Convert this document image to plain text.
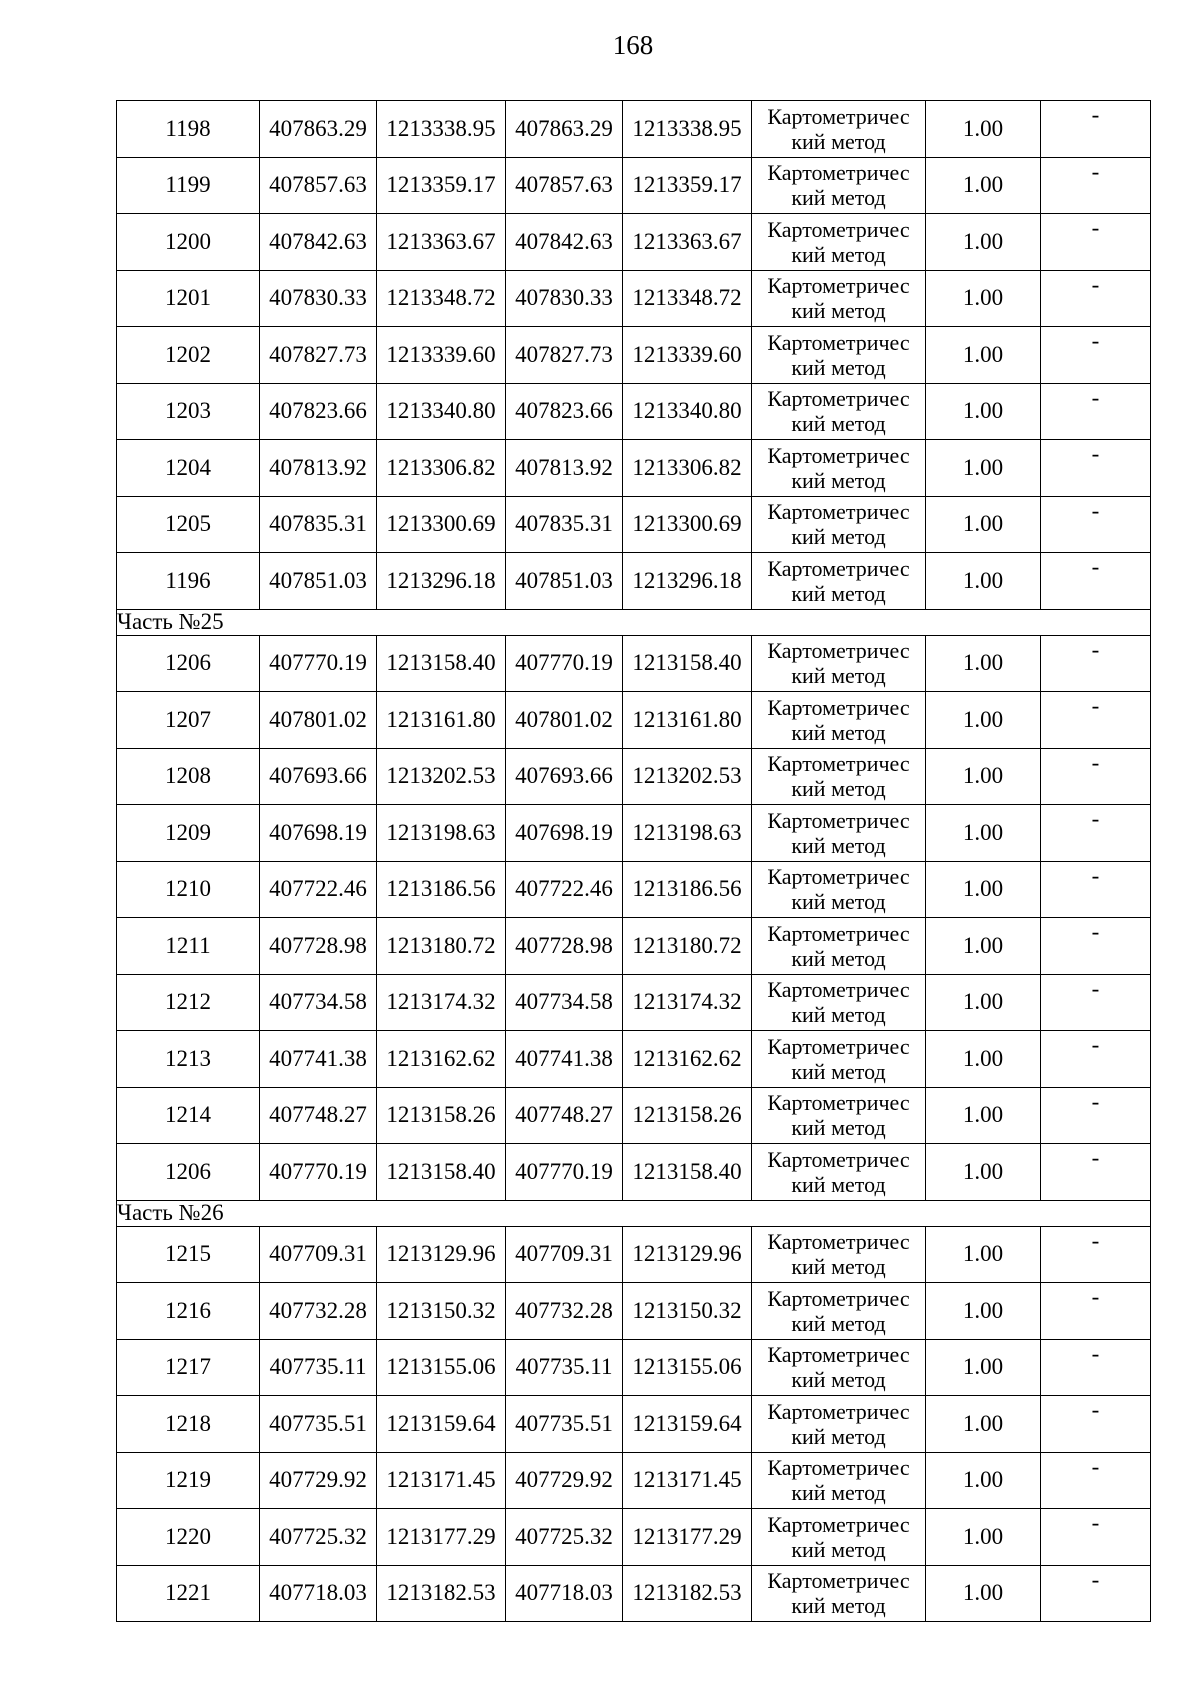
168
1198	407863.29	1213338.95	407863.29	1213338.95	Картометричес
кий метод	1.00	-
1199	407857.63	1213359.17	407857.63	1213359.17	Картометричес
кий метод	1.00	-
1200	407842.63	1213363.67	407842.63	1213363.67	Картометричес
кий метод	1.00	-
1201	407830.33	1213348.72	407830.33	1213348.72	Картометричес
кий метод	1.00	-
1202	407827.73	1213339.60	407827.73	1213339.60	Картометричес
кий метод	1.00	-
1203	407823.66	1213340.80	407823.66	1213340.80	Картометричес
кий метод	1.00	-
1204	407813.92	1213306.82	407813.92	1213306.82	Картометричес
кий метод	1.00	-
1205	407835.31	1213300.69	407835.31	1213300.69	Картометричес
кий метод	1.00	-
1196	407851.03	1213296.18	407851.03	1213296.18	Картометричес
кий метод	1.00	-
Часть №25							
1206	407770.19	1213158.40	407770.19	1213158.40	Картометричес
кий метод	1.00	-
1207	407801.02	1213161.80	407801.02	1213161.80	Картометричес
кий метод	1.00	-
1208	407693.66	1213202.53	407693.66	1213202.53	Картометричес
кий метод	1.00	-
1209	407698.19	1213198.63	407698.19	1213198.63	Картометричес
кий метод	1.00	-
1210	407722.46	1213186.56	407722.46	1213186.56	Картометричес
кий метод	1.00	-
1211	407728.98	1213180.72	407728.98	1213180.72	Картометричес
кий метод	1.00	-
1212	407734.58	1213174.32	407734.58	1213174.32	Картометричес
кий метод	1.00	-
1213	407741.38	1213162.62	407741.38	1213162.62	Картометричес
кий метод	1.00	-
1214	407748.27	1213158.26	407748.27	1213158.26	Картометричес
кий метод	1.00	-
1206	407770.19	1213158.40	407770.19	1213158.40	Картометричес
кий метод	1.00	-
Часть №26							
1215	407709.31	1213129.96	407709.31	1213129.96	Картометричес
кий метод	1.00	-
1216	407732.28	1213150.32	407732.28	1213150.32	Картометричес
кий метод	1.00	-
1217	407735.11	1213155.06	407735.11	1213155.06	Картометричес
кий метод	1.00	-
1218	407735.51	1213159.64	407735.51	1213159.64	Картометричес
кий метод	1.00	-
1219	407729.92	1213171.45	407729.92	1213171.45	Картометричес
кий метод	1.00	-
1220	407725.32	1213177.29	407725.32	1213177.29	Картометричес
кий метод	1.00	-
1221	407718.03	1213182.53	407718.03	1213182.53	Картометричес
кий метод	1.00	-
